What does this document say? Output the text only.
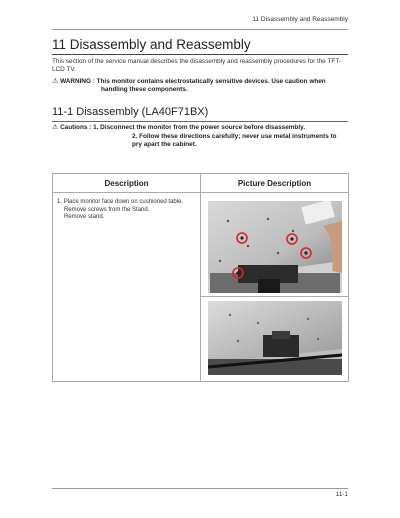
11 Disassembly and Reassembly
11 Disassembly and Reassembly
This section of the service manual describes the disassembly and reassembly procedures for the TFT-LCD TV.
⚠ WARNING : This monitor contains electrostatically sensitive devices. Use caution when
handling these components.
11-1 Disassembly (LA40F71BX)
⚠ Cautions : 1. Disconnect the monitor from the power source before disassembly.
2. Follow these directions carefully; never use metal instruments to pry apart the cabinet.
Description	Picture Description

1. Place monitor face down on cushioned table.
Remove screws from the Stand.
Remove stand.

11-1
